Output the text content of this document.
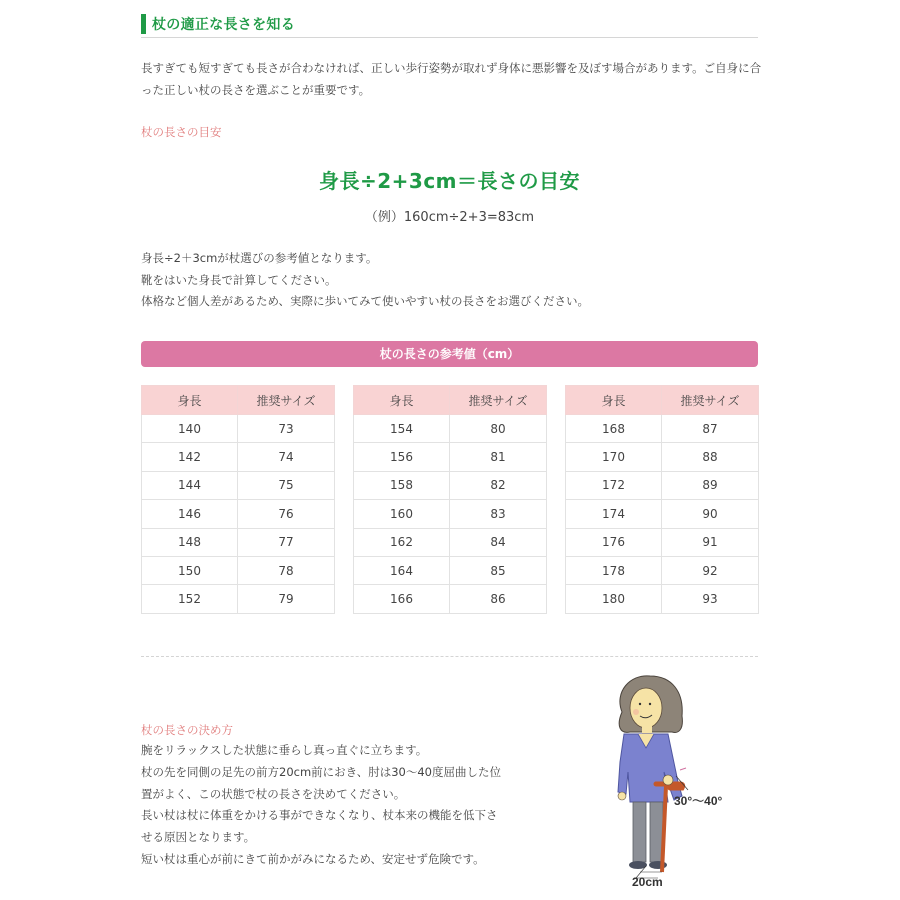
杖の適正な長さを知る
長すぎても短すぎても長さが合わなければ、正しい歩行姿勢が取れず身体に悪影響を及ぼす場合があります。ご自身に合った正しい杖の長さを選ぶことが重要です。
杖の長さの目安
身長÷2+3cm＝長さの目安
（例）160cm÷2+3=83cm
身長÷2＋3cmが杖選びの参考値となります。
靴をはいた身長で計算してください。
体格など個人差があるため、実際に歩いてみて使いやすい杖の長さをお選びください。
杖の長さの参考値（cm）
身長	推奨サイズ
140	73
142	74
144	75
146	76
148	77
150	78
152	79
身長	推奨サイズ
154	80
156	81
158	82
160	83
162	84
164	85
166	86
身長	推奨サイズ
168	87
170	88
172	89
174	90
176	91
178	92
180	93
杖の長さの決め方
腕をリラックスした状態に垂らし真っ直ぐに立ちます。
杖の先を同側の足先の前方20cm前におき、肘は30～40度屈曲した位
置がよく、この状態で杖の長さを決めてください。
長い杖は杖に体重をかける事ができなくなり、杖本来の機能を低下さ
せる原因となります。
短い杖は重心が前にきて前かがみになるため、安定せず危険です。
30°～40°
20cm
